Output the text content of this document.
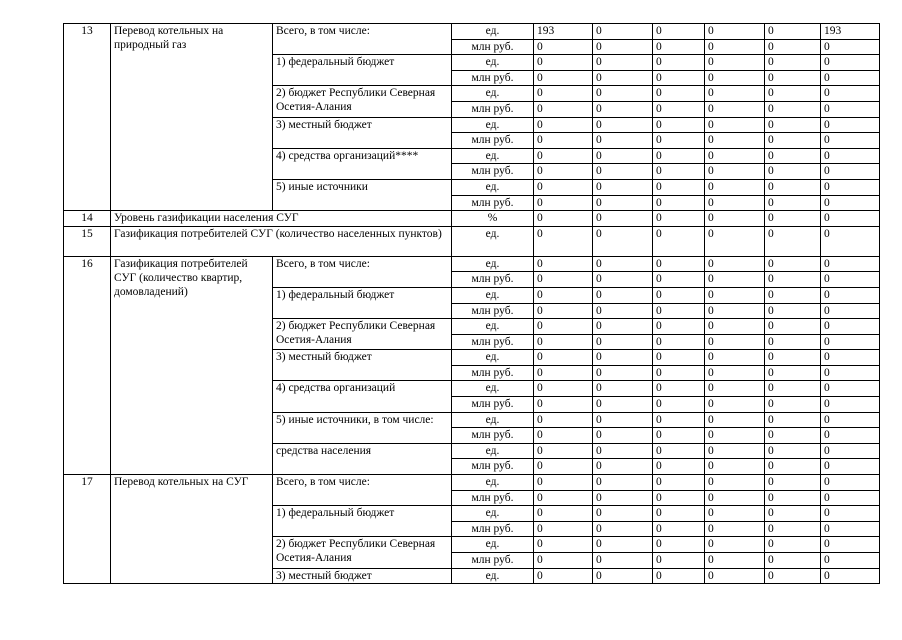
13	Перевод котельных на природный газ	Всего, в том числе:	ед.	193	0	0	0	0	193
			млн руб.	0	0	0	0	0	0
		1) федеральный бюджет	ед.	0	0	0	0	0	0
			млн руб.	0	0	0	0	0	0
		2) бюджет Республики Северная Осетия-Алания	ед.	0	0	0	0	0	0
			млн руб.	0	0	0	0	0	0
		3) местный бюджет	ед.	0	0	0	0	0	0
			млн руб.	0	0	0	0	0	0
		4) средства организаций****	ед.	0	0	0	0	0	0
			млн руб.	0	0	0	0	0	0
		5) иные источники	ед.	0	0	0	0	0	0
			млн руб.	0	0	0	0	0	0
14	Уровень газификации населения СУГ		%	0	0	0	0	0	0
15	Газификация потребителей СУГ (количество населенных пунктов)		ед.	0	0	0	0	0	0
16	Газификация потребителей СУГ (количество квартир, домовладений)	Всего, в том числе:	ед.	0	0	0	0	0	0
			млн руб.	0	0	0	0	0	0
		1) федеральный бюджет	ед.	0	0	0	0	0	0
			млн руб.	0	0	0	0	0	0
		2) бюджет Республики Северная Осетия-Алания	ед.	0	0	0	0	0	0
			млн руб.	0	0	0	0	0	0
		3) местный бюджет	ед.	0	0	0	0	0	0
			млн руб.	0	0	0	0	0	0
		4) средства организаций	ед.	0	0	0	0	0	0
			млн руб.	0	0	0	0	0	0
		5) иные источники, в том числе:	ед.	0	0	0	0	0	0
			млн руб.	0	0	0	0	0	0
		средства населения	ед.	0	0	0	0	0	0
			млн руб.	0	0	0	0	0	0
17	Перевод котельных на СУГ	Всего, в том числе:	ед.	0	0	0	0	0	0
			млн руб.	0	0	0	0	0	0
		1) федеральный бюджет	ед.	0	0	0	0	0	0
			млн руб.	0	0	0	0	0	0
		2) бюджет Республики Северная Осетия-Алания	ед.	0	0	0	0	0	0
			млн руб.	0	0	0	0	0	0
		3) местный бюджет	ед.	0	0	0	0	0	0
